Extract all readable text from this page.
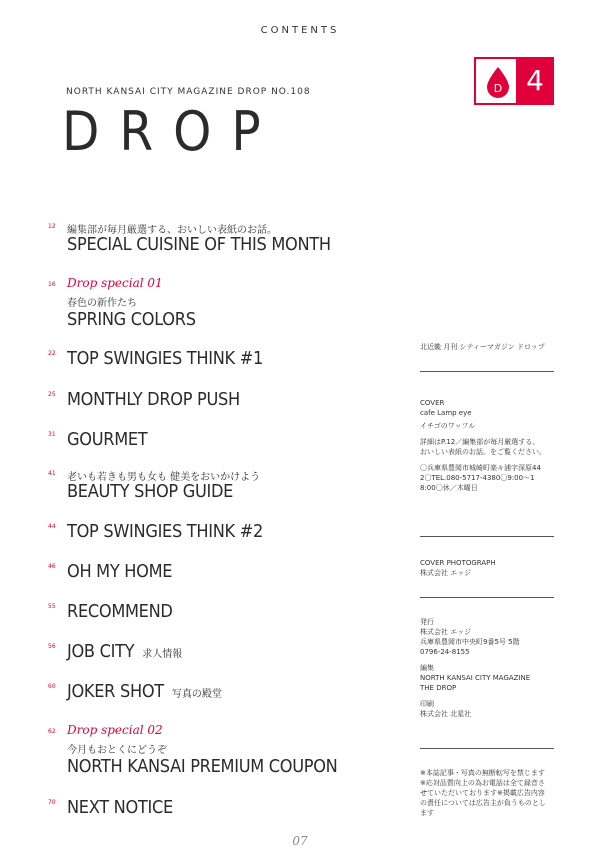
CONTENTS
NORTH KANSAI CITY MAGAZINE DROP NO.108
DROP
D 4
12 編集部が毎月厳選する、おいしい表紙のお話。
SPECIAL CUISINE OF THIS MONTH
16 Drop special 01
春色の新作たち
SPRING COLORS
22 TOP SWINGIES THINK #1
25 MONTHLY DROP PUSH
31 GOURMET
41 老いも若きも男も女も 健美をおいかけよう
BEAUTY SHOP GUIDE
44 TOP SWINGIES THINK #2
46 OH MY HOME
55 RECOMMEND
56 JOB CITY 求人情報
60 JOKER SHOT 写真の殿堂
62 Drop special 02
今月もおとくにどうぞ
NORTH KANSAI PREMIUM COUPON
70 NEXT NOTICE
北近畿 月刊 シティーマガジン ドロップ
COVER
cafe Lamp eye
イチゴのワッフル
詳細はP.12／編集部が毎月厳選する、
おいしい表紙のお話。をご覧ください。
〇兵庫県豊岡市城崎町楽々浦字深原44
2〇TEL.080-5717-4380〇9:00〜1
8:00〇休／木曜日
COVER PHOTOGRAPH
株式会社 エッジ
発行
株式会社 エッジ
兵庫県豊岡市中央町9番5号 5階
0796-24-8155
編集
NORTH KANSAI CITY MAGAZINE
THE DROP
印刷
株式会社 北星社
※本誌記事・写真の無断転写を禁じます
※応対品質向上の為お電話は全て録音さ
せていただいております※掲載広告内容
の責任については広告主が負うものとし
ます
07
